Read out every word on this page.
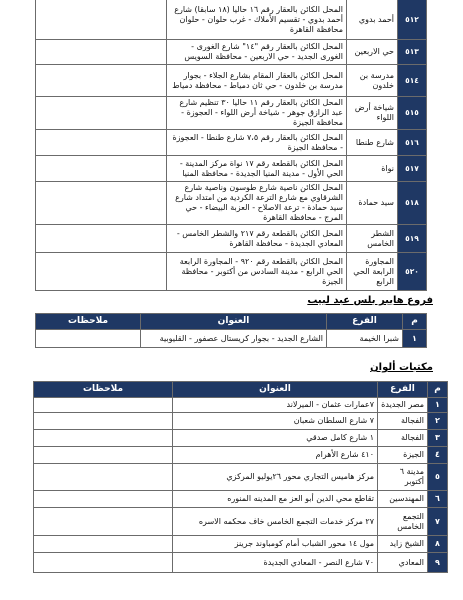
٥١٢	أحمد بدوي	المحل الكائن بالعقار رقم ١٦ حاليا (١٨ سابقا) شارع أحمد بدوي - تقسيم الأملاك - غرب حلوان - حلوان محافظة القاهرة	
٥١٣	حي الاربعين	المحل الكائن بالعقار رقم "١٤" شارع الغورى - الغورى الجديد - حي الاربعين - محافظة السويس	
٥١٤	مدرسة بن خلدون	المحل الكائن بالعقار المقام بشارع الجلاء - بجوار مدرسة بن خلدون - حي ثان دمياط - محافظة دمياط	
٥١٥	شياخة أرض اللواء	المحل الكائن بالعقار رقم ١١ حاليا ٣٠ تنظيم شارع عبد الرازق جوهر - شياخة أرض اللواء - العجوزة - محافظة الجيزة	
٥١٦	شارع طنطا	المحل الكائن بالعقار رقم ٧،٥ شارع طنطا - العجوزة - محافظة الجيزة	
٥١٧	نواة	المحل الكائن بالقطعة رقم ١٧ نواة مركز المدينة - الحي الأول - مدينة المنيا الجديدة - محافظة المنيا	
٥١٨	سيد حمادة	المحل الكائن ناصية شارع طوسون وناصية شارع الشرقاوي مع شارع الترعة الكردية من امتداد شارع سيد حمادة - ترعة الاصلاح - العزبة البيضاء - حي المرج - محافظة القاهرة	
٥١٩	الشطر الخامس	المحل الكائن بالقطعة رقم ٢١٧ والشطر الخامس - المعادي الجديدة - محافظة القاهرة	
٥٢٠	المجاورة الرابعة الحي الرابع	المحل الكائن بالقطعة رقم ٩٢٠ - المجاورة الرابعة الحي الرابع - مدينة السادس من أكتوبر - محافظة الجيزة	
فروع هايبر بلس عبد لبيب
م	الفرع	العنوان	ملاحظات
١	شبرا الخيمة	الشارع الجديد - بجوار كريستال عصفور - القليوبية	
مكتبات ألوان
م	الفرع	العنوان	ملاحظات
١	مصر الجديدة	٧عمارات عثمان - الميرلاند	
٢	الفجالة	٧ شارع السلطان شعبان	
٣	الفجالة	١ شارع كامل صدقي	
٤	الجيزة	٤١٠ شارع الأهرام	
٥	مدينة ٦ أكتوبر	مركز هاميس التجاري محور ٢٦يوليو المركزي	
٦	المهندسين	تقاطع محي الدين أبو العز مع المدينه المنوره	
٧	التجمع الخامس	٢٧ مركز خدمات التجمع الخامس خاف محكمه الاسره	
٨	الشيخ زايد	مول ١٤ محور الشباب أمام كومباوند جرينز	
٩	المعادي	٧٠ شارع النصر - المعادي الجديدة	
